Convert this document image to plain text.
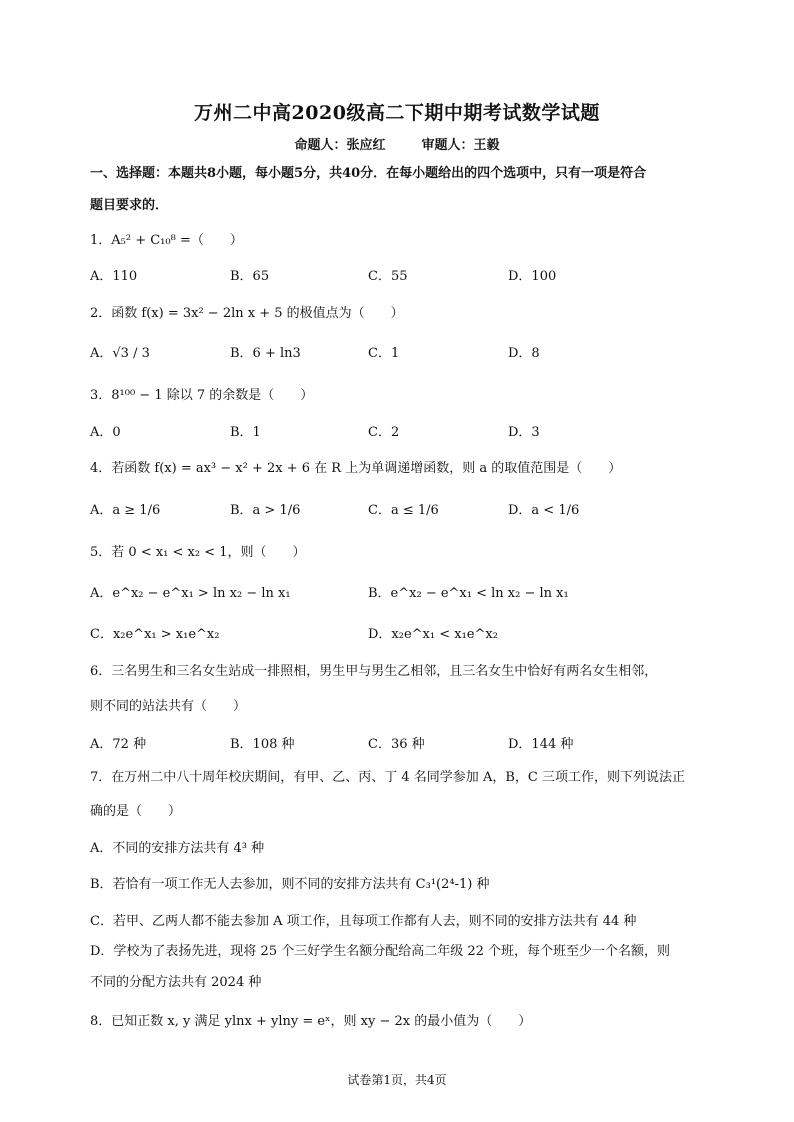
万州二中高2020级高二下期中期考试数学试题
命题人：张应红	审题人：王毅
一、选择题：本题共8小题，每小题5分，共40分．在每小题给出的四个选项中，只有一项是符合
题目要求的．
1．A₅² + C₁₀⁸ =（　　）
A．110	B．65	C．55	D．100
2．函数 f(x) = 3x² − 2ln x + 5 的极值点为（　　）
A．√3 / 3	B．6 + ln3	C．1	D．8
3．8¹⁰⁰ − 1 除以 7 的余数是（　　）
A．0	B．1	C．2	D．3
4．若函数 f(x) = ax³ − x² + 2x + 6 在 R 上为单调递增函数，则 a 的取值范围是（　　）
A．a ≥ 1/6	B．a > 1/6	C．a ≤ 1/6	D．a < 1/6
5．若 0 < x₁ < x₂ < 1，则（　　）
A．e^x₂ − e^x₁ > ln x₂ − ln x₁	B．e^x₂ − e^x₁ < ln x₂ − ln x₁
C．x₂e^x₁ > x₁e^x₂	D．x₂e^x₁ < x₁e^x₂
6．三名男生和三名女生站成一排照相，男生甲与男生乙相邻，且三名女生中恰好有两名女生相邻，
则不同的站法共有（　　）
A．72 种	B．108 种	C．36 种	D．144 种
7．在万州二中八十周年校庆期间，有甲、乙、丙、丁 4 名同学参加 A，B，C 三项工作，则下列说法正
确的是（　　）
A．不同的安排方法共有 4³ 种
B．若恰有一项工作无人去参加，则不同的安排方法共有 C₃¹(2⁴-1) 种
C．若甲、乙两人都不能去参加 A 项工作，且每项工作都有人去，则不同的安排方法共有 44 种
D．学校为了表扬先进，现将 25 个三好学生名额分配给高二年级 22 个班，每个班至少一个名额，则
不同的分配方法共有 2024 种
8．已知正数 x, y 满足 ylnx + ylny = eˣ，则 xy − 2x 的最小值为（　　）
试卷第1页，共4页
